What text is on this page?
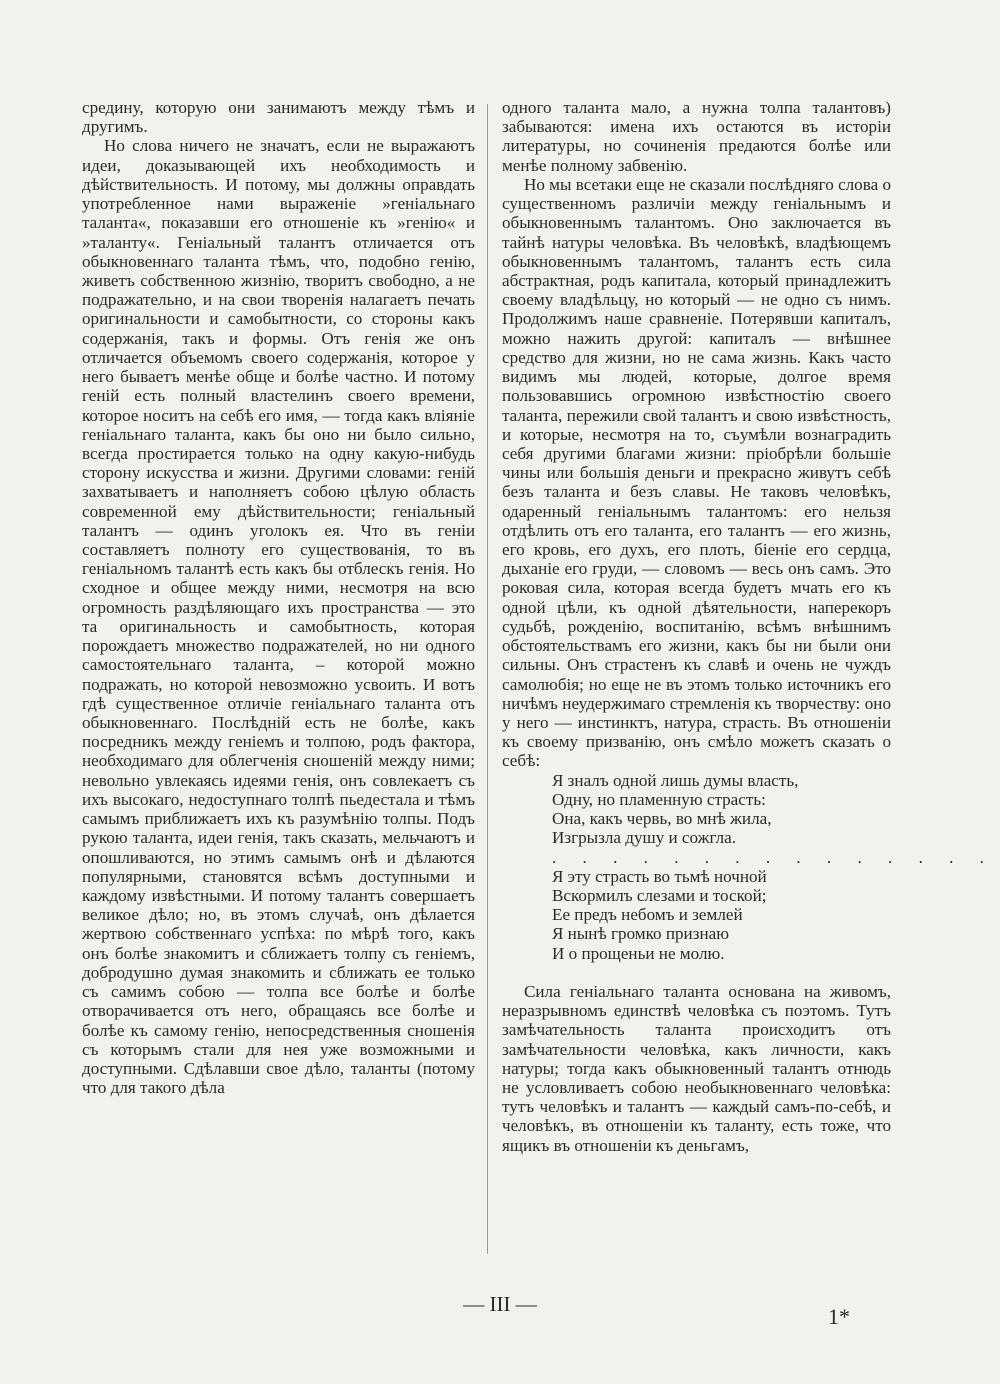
средину, которую они занимаютъ между тѣмъ и другимъ.

Но слова ничего не значатъ, если не выражаютъ идеи, доказывающей ихъ необходимость и дѣйствительность. И потому, мы должны оправдать употребленное нами выраженіе »геніальнаго таланта«, показавши его отношеніе къ »генію« и »таланту«. Геніальный талантъ отличается отъ обыкновеннаго таланта тѣмъ, что, подобно генію, живетъ собственною жизнію, творитъ свободно, а не подражательно, и на свои творенія налагаетъ печать оригинальности и самобытности, со стороны какъ содержанія, такъ и формы. Отъ генія же онъ отличается объемомъ своего содержанія, которое у него бываетъ менѣе обще и болѣе частно. И потому геній есть полный властелинъ своего времени, которое носитъ на себѣ его имя, — тогда какъ вліяніе геніальнаго таланта, какъ бы оно ни было сильно, всегда простирается только на одну какую-нибудь сторону искусства и жизни. Другими словами: геній захватываетъ и наполняетъ собою цѣлую область современной ему дѣйствительности; геніальный талантъ — одинъ уголокъ ея. Что въ геніи составляетъ полноту его существованія, то въ геніальномъ талантѣ есть какъ бы отблескъ генія. Но сходное и общее между ними, несмотря на всю огромность раздѣляющаго ихъ пространства — это та оригинальность и самобытность, которая порождаетъ множество подражателей, но ни одного самостоятельнаго таланта, – которой можно подражать, но которой невозможно усвоить. И вотъ гдѣ существенное отличіе геніальнаго таланта отъ обыкновеннаго. Послѣдній есть не болѣе, какъ посредникъ между геніемъ и толпою, родъ фактора, необходимаго для облегченія сношеній между ними; невольно увлекаясь идеями генія, онъ совлекаетъ съ ихъ высокаго, недоступнаго толпѣ пьедестала и тѣмъ самымъ приближаетъ ихъ къ разумѣнію толпы. Подъ рукою таланта, идеи генія, такъ сказать, мельчаютъ и опошливаются, но этимъ самымъ онѣ и дѣлаются популярными, становятся всѣмъ доступными и каждому извѣстными. И потому талантъ совершаетъ великое дѣло; но, въ этомъ случаѣ, онъ дѣлается жертвою собственнаго успѣха: по мѣрѣ того, какъ онъ болѣе знакомитъ и сближаетъ толпу съ геніемъ, добродушно думая знакомить и сближать ее только съ самимъ собою — толпа все болѣе и болѣе отворачивается отъ него, обращаясь все болѣе и болѣе къ самому генію, непосредственныя сношенія съ которымъ стали для нея уже возможными и доступными. Сдѣлавши свое дѣло, таланты (потому что для такого дѣла

одного таланта мало, а нужна толпа талантовъ) забываются: имена ихъ остаются въ исторіи литературы, но сочиненія предаются болѣе или менѣе полному забвенію.

Но мы всетаки еще не сказали послѣдняго слова о существенномъ различіи между геніальнымъ и обыкновеннымъ талантомъ. Оно заключается въ тайнѣ натуры человѣка. Въ человѣкѣ, владѣющемъ обыкновеннымъ талантомъ, талантъ есть сила абстрактная, родъ капитала, который принадлежитъ своему владѣльцу, но который — не одно съ нимъ. Продолжимъ наше сравненіе. Потерявши капиталъ, можно нажить другой: капиталъ — внѣшнее средство для жизни, но не сама жизнь. Какъ часто видимъ мы людей, которые, долгое время пользовавшись огромною извѣстностію своего таланта, пережили свой талантъ и свою извѣстность, и которые, несмотря на то, съумѣли вознаградить себя другими благами жизни: пріобрѣли большіе чины или большія деньги и прекрасно живутъ себѣ безъ таланта и безъ славы. Не таковъ человѣкъ, одаренный геніальнымъ талантомъ: его нельзя отдѣлить отъ его таланта, его талантъ — его жизнь, его кровь, его духъ, его плоть, біеніе его сердца, дыханіе его груди, — словомъ — весь онъ самъ. Это роковая сила, которая всегда будетъ мчать его къ одной цѣли, къ одной дѣятельности, наперекоръ судьбѣ, рожденію, воспитанію, всѣмъ внѣшнимъ обстоятельствамъ его жизни, какъ бы ни были они сильны. Онъ страстенъ къ славѣ и очень не чуждъ самолюбія; но еще не въ этомъ только источникъ его ничѣмъ неудержимаго стремленія къ творчеству: оно у него — инстинктъ, натура, страсть. Въ отношеніи къ своему призванію, онъ смѣло можетъ сказать о себѣ:

Я зналъ одной лишь думы власть,
Одну, но пламенную страсть:
Она, какъ червь, во мнѣ жила,
Изгрызла душу и сожгла.
. . . . . . . . . . . . . . .
Я эту страсть во тьмѣ ночной
Вскормилъ слезами и тоской;
Ее предъ небомъ и землей
Я нынѣ громко признаю
И о прощеньи не молю.

Сила геніальнаго таланта основана на живомъ, неразрывномъ единствѣ человѣка съ поэтомъ. Тутъ замѣчательность таланта происходитъ отъ замѣчательности человѣка, какъ личности, какъ натуры; тогда какъ обыкновенный талантъ отнюдь не условливаетъ собою необыкновеннаго человѣка: тутъ человѣкъ и талантъ — каждый самъ-по-себѣ, и человѣкъ, въ отношеніи къ таланту, есть тоже, что ящикъ въ отношеніи къ деньгамъ,

— III —	1*
